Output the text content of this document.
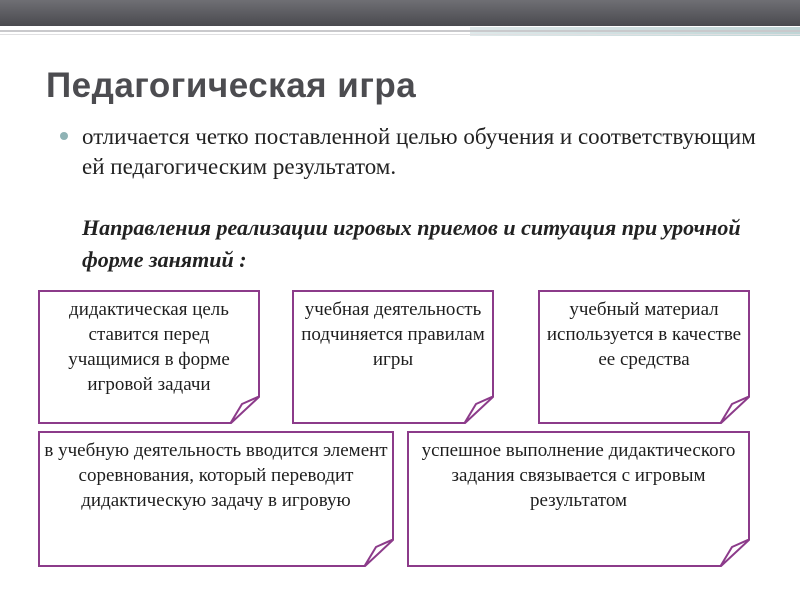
Педагогическая игра
отличается четко поставленной целью обучения и соответствующим ей педагогическим результатом.
Направления реализации игровых приемов и ситуация при урочной форме занятий :
дидактическая цель ставится перед учащимися в форме игровой задачи
учебная деятельность подчиняется правилам игры
учебный материал используется в качестве ее средства
в учебную деятельность вводится элемент соревнования, который переводит дидактическую задачу в игровую
успешное выполнение дидактического задания связывается с игровым результатом
